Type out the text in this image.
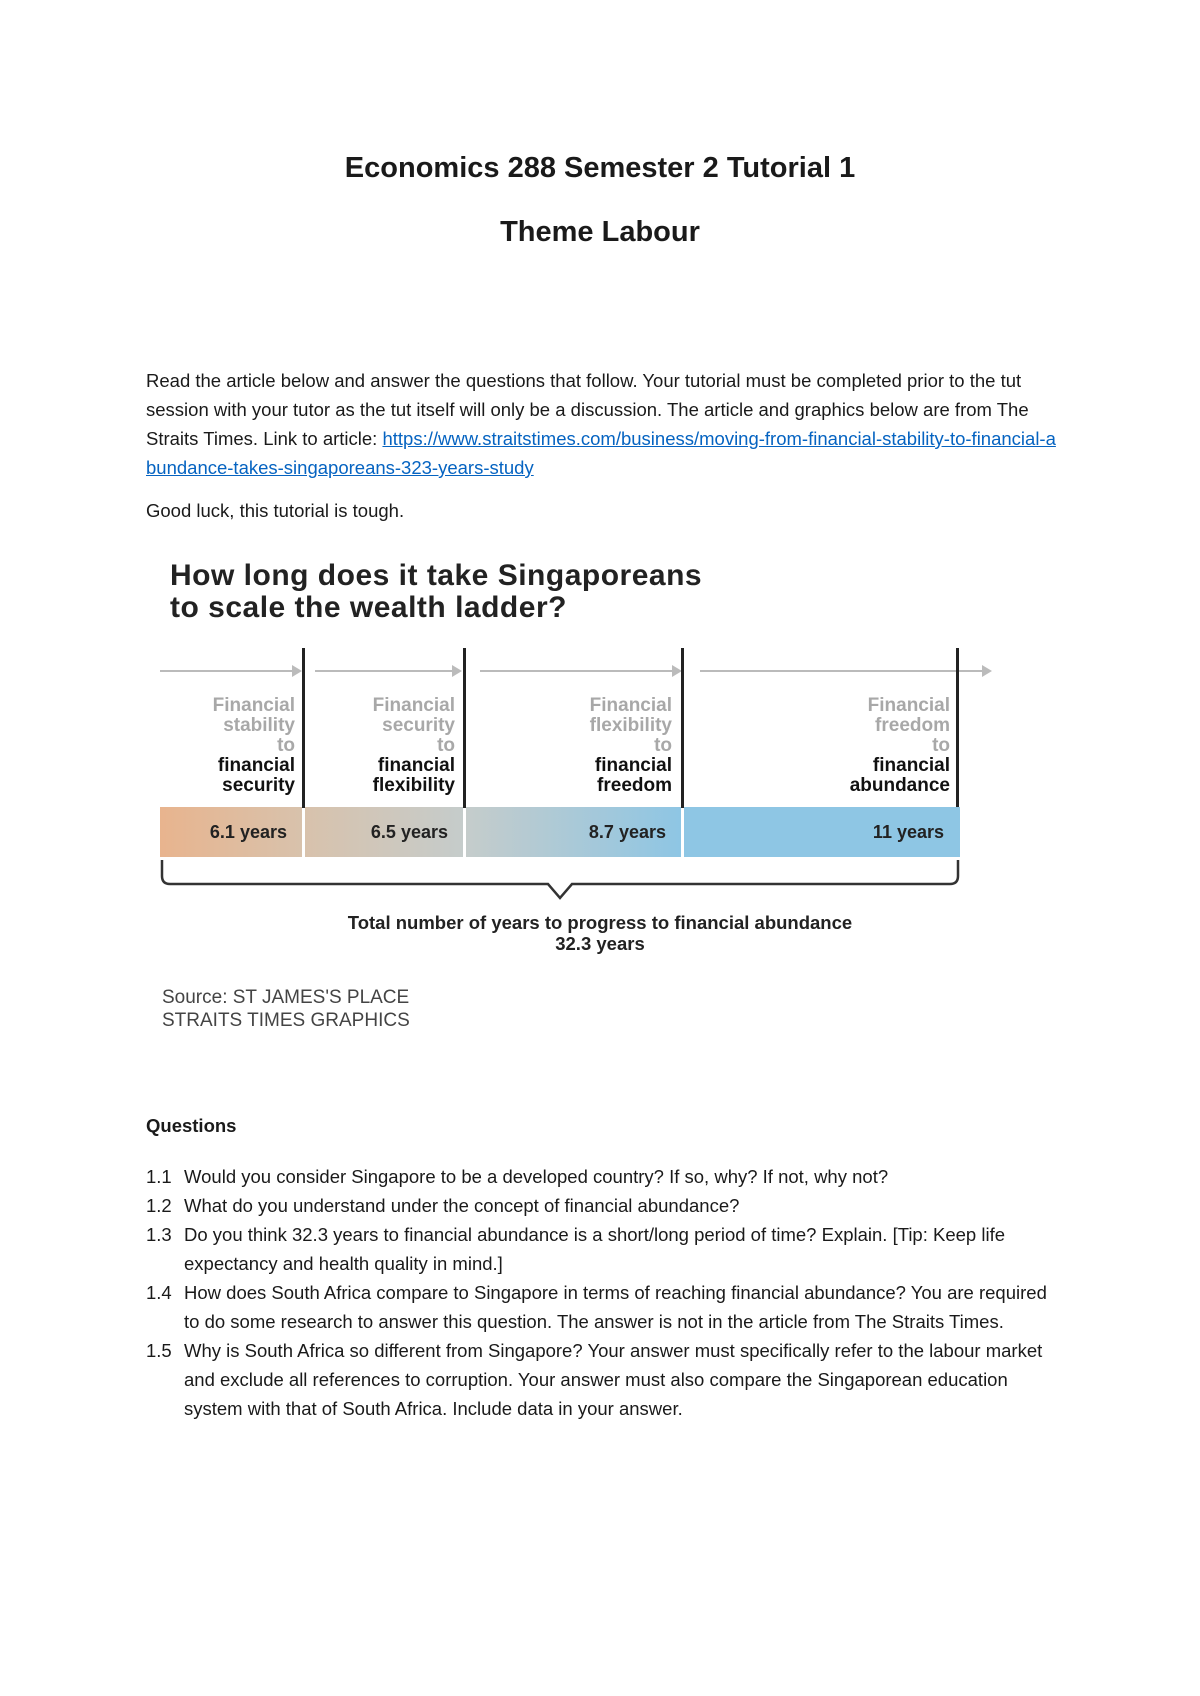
Economics 288 Semester 2 Tutorial 1
Theme Labour
Read the article below and answer the questions that follow. Your tutorial must be completed prior to the tut session with your tutor as the tut itself will only be a discussion. The article and graphics below are from The Straits Times. Link to article: https://www.straitstimes.com/business/moving-from-financial-stability-to-financial-abundance-takes-singaporeans-323-years-study
Good luck, this tutorial is tough.
How long does it take Singaporeans
to scale the wealth ladder?
Financial
stability
to
financial
security
Financial
security
to
financial
flexibility
Financial
flexibility
to
financial
freedom
Financial
freedom
to
financial
abundance
6.1 years	6.5 years	8.7 years	11 years
Total number of years to progress to financial abundance
32.3 years
Source: ST JAMES'S PLACE
STRAITS TIMES GRAPHICS
Questions
1.1 Would you consider Singapore to be a developed country? If so, why? If not, why not?
1.2 What do you understand under the concept of financial abundance?
1.3 Do you think 32.3 years to financial abundance is a short/long period of time? Explain. [Tip: Keep life expectancy and health quality in mind.]
1.4 How does South Africa compare to Singapore in terms of reaching financial abundance? You are required to do some research to answer this question. The answer is not in the article from The Straits Times.
1.5 Why is South Africa so different from Singapore? Your answer must specifically refer to the labour market and exclude all references to corruption. Your answer must also compare the Singaporean education system with that of South Africa. Include data in your answer.
